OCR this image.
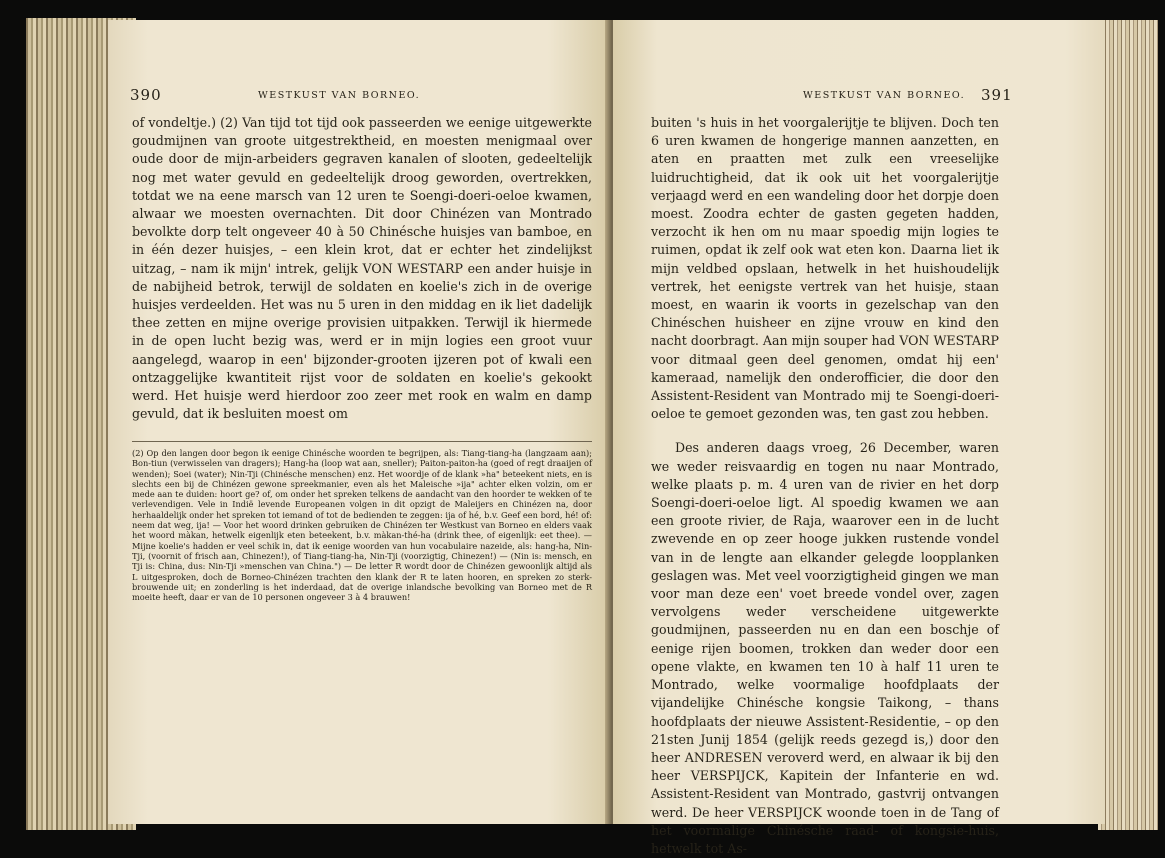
390	WESTKUST VAN BORNEO.

of vondeltje.) (2) Van tijd tot tijd ook passeerden we eenige uitgewerkte goudmijnen van groote uitgestrektheid, en moesten menigmaal over oude door de mijn-arbeiders gegraven kanalen of slooten, gedeeltelijk nog met water gevuld en gedeeltelijk droog geworden, overtrekken, totdat we na eene marsch van 12 uren te Soengi-doeri-oeloe kwamen, alwaar we moesten overnachten. Dit door Chinézen van Montrado bevolkte dorp telt ongeveer 40 à 50 Chinésche huisjes van bamboe, en in één dezer huisjes, – een klein krot, dat er echter het zindelijkst uitzag, – nam ik mijn' intrek, gelijk VON WESTARP een ander huisje in de nabijheid betrok, terwijl de soldaten en koelie's zich in de overige huisjes verdeelden. Het was nu 5 uren in den middag en ik liet dadelijk thee zetten en mijne overige provisien uitpakken. Terwijl ik hiermede in de open lucht bezig was, werd er in mijn logies een groot vuur aangelegd, waarop in een' bijzonder-grooten ijzeren pot of kwali een ontzaggelijke kwantiteit rijst voor de soldaten en koelie's gekookt werd. Het huisje werd hierdoor zoo zeer met rook en walm en damp gevuld, dat ik besluiten moest om

(2) Op den langen door begon ik eenige Chinésche woorden te begrijpen, als: Tiang-tiang-ha (langzaam aan); Bon-tiun (verwisselen van dragers); Hang-ha (loop wat aan, sneller); Paiton-paiton-ha (goed of regt draaijen of wenden); Soei (water); Nin-Tji (Chinésche menschen) enz. Het woordje of de klank »ha" beteekent niets, en is slechts een bij de Chinézen gewone spreekmanier, even als het Maleische »ija" achter elken volzin, om er mede aan te duiden: hoort ge? of, om onder het spreken telkens de aandacht van den hoorder te wekken of te verlevendigen. Vele in Indië levende Europeanen volgen in dit opzigt de Maleijers en Chinézen na, door herhaaldelijk onder het spreken tot iemand of tot de bedienden te zeggen: ija of hé, b.v. Geef een bord, hé! of: neem dat weg, ija! — Voor het woord drinken gebruiken de Chinézen ter Westkust van Borneo en elders vaak het woord màkan, hetwelk eigenlijk eten beteekent, b.v. màkan-thé-ha (drink thee, of eigenlijk: eet thee). — Mijne koelie's hadden er veel schik in, dat ik eenige woorden van hun vocabulaire nazeide, als: hang-ha, Nin-Tji, (voornit of frisch aan, Chinezen!), of Tiang-tiang-ha, Nin-Tji (voorzigtig, Chinezen!) — (Nin is: mensch, en Tji is: China, dus: Nin-Tji »menschen van China.") — De letter R wordt door de Chinézen gewoonlijk altijd als L uitgesproken, doch de Borneo-Chinézen trachten den klank der R te laten hooren, en spreken zo sterk-brouwende uit; en zonderling is het inderdaad, dat de overige inlandsche bevolking van Borneo met de R moeite heeft, daar er van de 10 personen ongeveer 3 à 4 brauwen!

WESTKUST VAN BORNEO. 391

buiten 's huis in het voorgalerijtje te blijven. Doch ten 6 uren kwamen de hongerige mannen aanzetten, en aten en praatten met zulk een vreeselijke luidruchtigheid, dat ik ook uit het voorgalerijtje verjaagd werd en een wandeling door het dorpje doen moest. Zoodra echter de gasten gegeten hadden, verzocht ik hen om nu maar spoedig mijn logies te ruimen, opdat ik zelf ook wat eten kon. Daarna liet ik mijn veldbed opslaan, hetwelk in het huishoudelijk vertrek, het eenigste vertrek van het huisje, staan moest, en waarin ik voorts in gezelschap van den Chinéschen huisheer en zijne vrouw en kind den nacht doorbragt. Aan mijn souper had VON WESTARP voor ditmaal geen deel genomen, omdat hij een' kameraad, namelijk den onderofficier, die door den Assistent-Resident van Montrado mij te Soengi-doeri-oeloe te gemoet gezonden was, ten gast zou hebben.

Des anderen daags vroeg, 26 December, waren we weder reisvaardig en togen nu naar Montrado, welke plaats p. m. 4 uren van de rivier en het dorp Soengi-doeri-oeloe ligt. Al spoedig kwamen we aan een groote rivier, de Raja, waarover een in de lucht zwevende en op zeer hooge jukken rustende vondel van in de lengte aan elkander gelegde loopplanken geslagen was. Met veel voorzigtigheid gingen we man voor man deze een' voet breede vondel over, zagen vervolgens weder verscheidene uitgewerkte goudmijnen, passeerden nu en dan een boschje of eenige rijen boomen, trokken dan weder door een opene vlakte, en kwamen ten 10 à half 11 uren te Montrado, welke voormalige hoofdplaats der vijandelijke Chinésche kongsie Taikong, – thans hoofdplaats der nieuwe Assistent-Residentie, – op den 21sten Junij 1854 (gelijk reeds gezegd is,) door den heer ANDRESEN veroverd werd, en alwaar ik bij den heer VERSPIJCK, Kapitein der Infanterie en wd. Assistent-Resident van Montrado, gastvrij ontvangen werd. De heer VERSPIJCK woonde toen in de Tang of het voormalige Chinésche raad- of kongsie-huis, hetwelk tot As-
